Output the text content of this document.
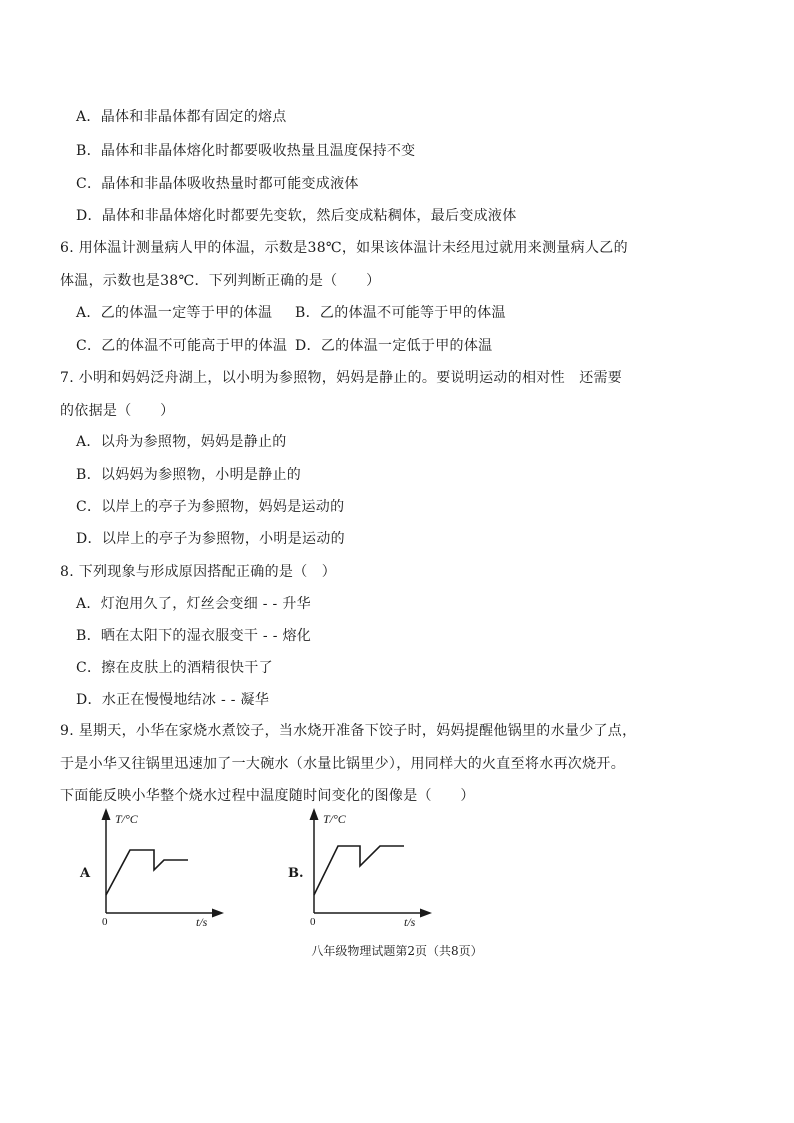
A．晶体和非晶体都有固定的熔点
B．晶体和非晶体熔化时都要吸收热量且温度保持不变
C．晶体和非晶体吸收热量时都可能变成液体
D．晶体和非晶体熔化时都要先变软，然后变成粘稠体，最后变成液体
6. 用体温计测量病人甲的体温，示数是38℃，如果该体温计未经甩过就用来测量病人乙的
体温，示数也是38℃．下列判断正确的是（　　）
A．乙的体温一定等于甲的体温 B．乙的体温不可能等于甲的体温
C．乙的体温不可能高于甲的体温 D．乙的体温一定低于甲的体温
7. 小明和妈妈泛舟湖上，以小明为参照物，妈妈是静止的。要说明运动的相对性　还需要
的依据是（　　）
A．以舟为参照物，妈妈是静止的
B．以妈妈为参照物，小明是静止的
C．以岸上的亭子为参照物，妈妈是运动的
D．以岸上的亭子为参照物，小明是运动的
8. 下列现象与形成原因搭配正确的是（　）
A．灯泡用久了，灯丝会变细 - - 升华
B．晒在太阳下的湿衣服变干 - - 熔化
C．擦在皮肤上的酒精很快干了
D．水正在慢慢地结冰 - - 凝华
9. 星期天，小华在家烧水煮饺子，当水烧开准备下饺子时，妈妈提醒他锅里的水量少了点，
于是小华又往锅里迅速加了一大碗水（水量比锅里少），用同样大的火直至将水再次烧开。
下面能反映小华整个烧水过程中温度随时间变化的图像是（　　）
A
T/°C
t/s
0
B.
T/°C
t/s
0
八年级物理试题第2页（共8页）
